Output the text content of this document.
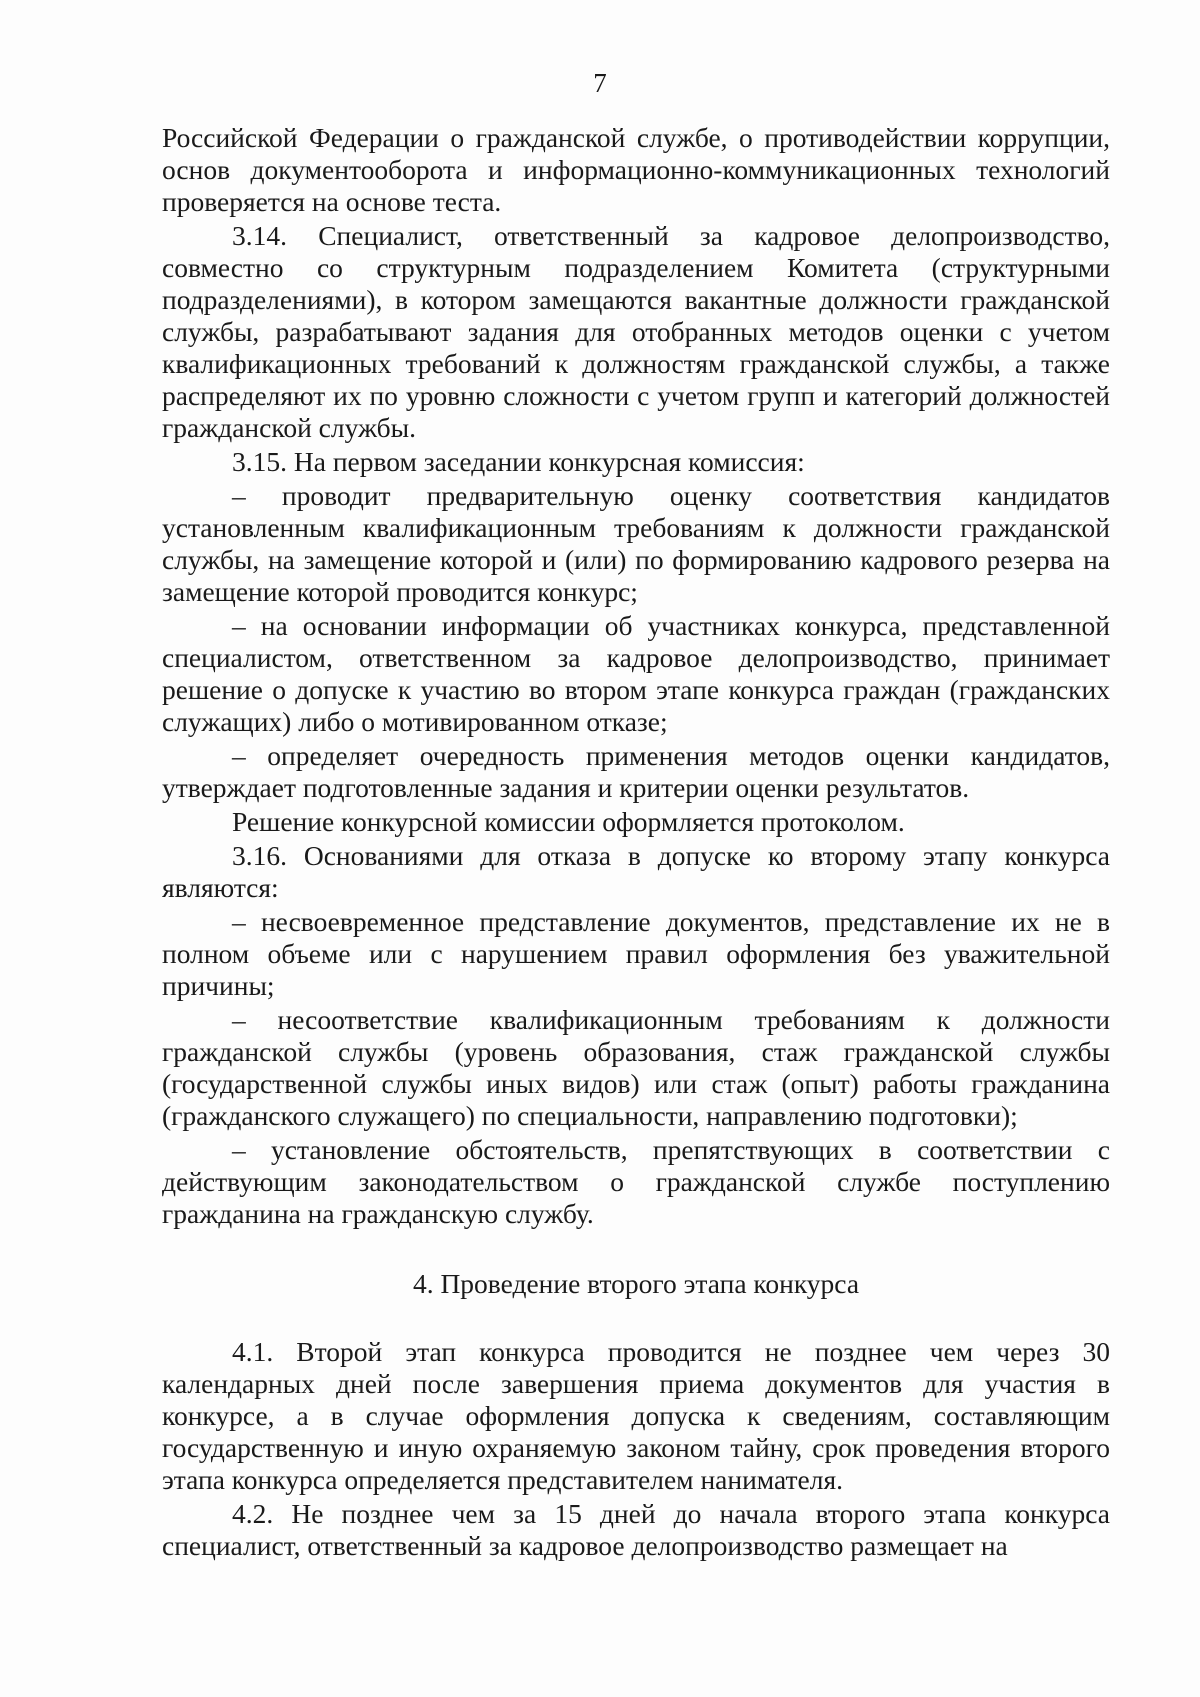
7

Российской Федерации о гражданской службе, о противодействии коррупции, основ документооборота и информационно-коммуникационных технологий проверяется на основе теста.

3.14. Специалист, ответственный за кадровое делопроизводство, совместно со структурным подразделением Комитета (структурными подразделениями), в котором замещаются вакантные должности гражданской службы, разрабатывают задания для отобранных методов оценки с учетом квалификационных требований к должностям гражданской службы, а также распределяют их по уровню сложности с учетом групп и категорий должностей гражданской службы.

3.15. На первом заседании конкурсная комиссия:

– проводит предварительную оценку соответствия кандидатов установленным квалификационным требованиям к должности гражданской службы, на замещение которой и (или) по формированию кадрового резерва на замещение которой проводится конкурс;

– на основании информации об участниках конкурса, представленной специалистом, ответственном за кадровое делопроизводство, принимает решение о допуске к участию во втором этапе конкурса граждан (гражданских служащих) либо о мотивированном отказе;

– определяет очередность применения методов оценки кандидатов, утверждает подготовленные задания и критерии оценки результатов.

Решение конкурсной комиссии оформляется протоколом.

3.16. Основаниями для отказа в допуске ко второму этапу конкурса являются:

– несвоевременное представление документов, представление их не в полном объеме или с нарушением правил оформления без уважительной причины;

– несоответствие квалификационным требованиям к должности гражданской службы (уровень образования, стаж гражданской службы (государственной службы иных видов) или стаж (опыт) работы гражданина (гражданского служащего) по специальности, направлению подготовки);

– установление обстоятельств, препятствующих в соответствии с действующим законодательством о гражданской службе поступлению гражданина на гражданскую службу.

4. Проведение второго этапа конкурса

4.1. Второй этап конкурса проводится не позднее чем через 30 календарных дней после завершения приема документов для участия в конкурсе, а в случае оформления допуска к сведениям, составляющим государственную и иную охраняемую законом тайну, срок проведения второго этапа конкурса определяется представителем нанимателя.

4.2. Не позднее чем за 15 дней до начала второго этапа конкурса специалист, ответственный за кадровое делопроизводство размещает на
